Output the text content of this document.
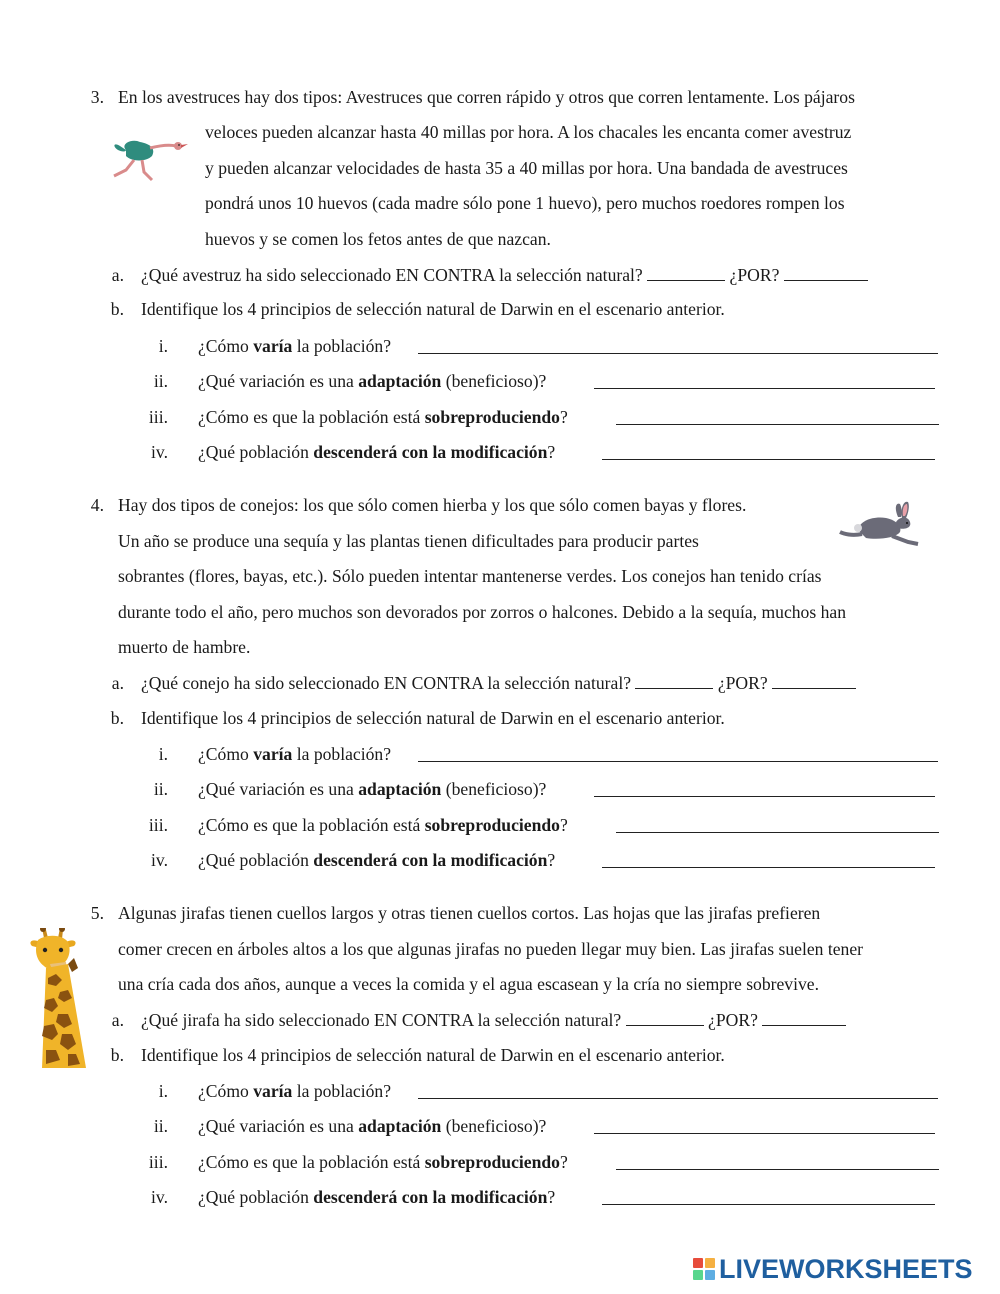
3. En los avestruces hay dos tipos: Avestruces que corren rápido y otros que corren lentamente. Los pájaros
veloces pueden alcanzar hasta 40 millas por hora. A los chacales les encanta comer avestruz
y pueden alcanzar velocidades de hasta 35 a 40 millas por hora. Una bandada de avestruces
pondrá unos 10 huevos (cada madre sólo pone 1 huevo), pero muchos roedores rompen los
huevos y se comen los fetos antes de que nazcan.
a. ¿Qué avestruz ha sido seleccionado EN CONTRA la selección natural?	¿POR?
b. Identifique los 4 principios de selección natural de Darwin en el escenario anterior.
i. ¿Cómo varía la población?
ii. ¿Qué variación es una adaptación (beneficioso)?
iii. ¿Cómo es que la población está sobreproduciendo?
iv. ¿Qué población descenderá con la modificación?
4. Hay dos tipos de conejos: los que sólo comen hierba y los que sólo comen bayas y flores.
Un año se produce una sequía y las plantas tienen dificultades para producir partes
sobrantes (flores, bayas, etc.). Sólo pueden intentar mantenerse verdes. Los conejos han tenido crías
durante todo el año, pero muchos son devorados por zorros o halcones. Debido a la sequía, muchos han
muerto de hambre.
a. ¿Qué conejo ha sido seleccionado EN CONTRA la selección natural?	¿POR?
b. Identifique los 4 principios de selección natural de Darwin en el escenario anterior.
i. ¿Cómo varía la población?
ii. ¿Qué variación es una adaptación (beneficioso)?
iii. ¿Cómo es que la población está sobreproduciendo?
iv. ¿Qué población descenderá con la modificación?
5. Algunas jirafas tienen cuellos largos y otras tienen cuellos cortos. Las hojas que las jirafas prefieren
comer crecen en árboles altos a los que algunas jirafas no pueden llegar muy bien. Las jirafas suelen tener
una cría cada dos años, aunque a veces la comida y el agua escasean y la cría no siempre sobrevive.
a. ¿Qué jirafa ha sido seleccionado EN CONTRA la selección natural?	¿POR?
b. Identifique los 4 principios de selección natural de Darwin en el escenario anterior.
i. ¿Cómo varía la población?
ii. ¿Qué variación es una adaptación (beneficioso)?
iii. ¿Cómo es que la población está sobreproduciendo?
iv. ¿Qué población descenderá con la modificación?
LIVEWORKSHEETS
